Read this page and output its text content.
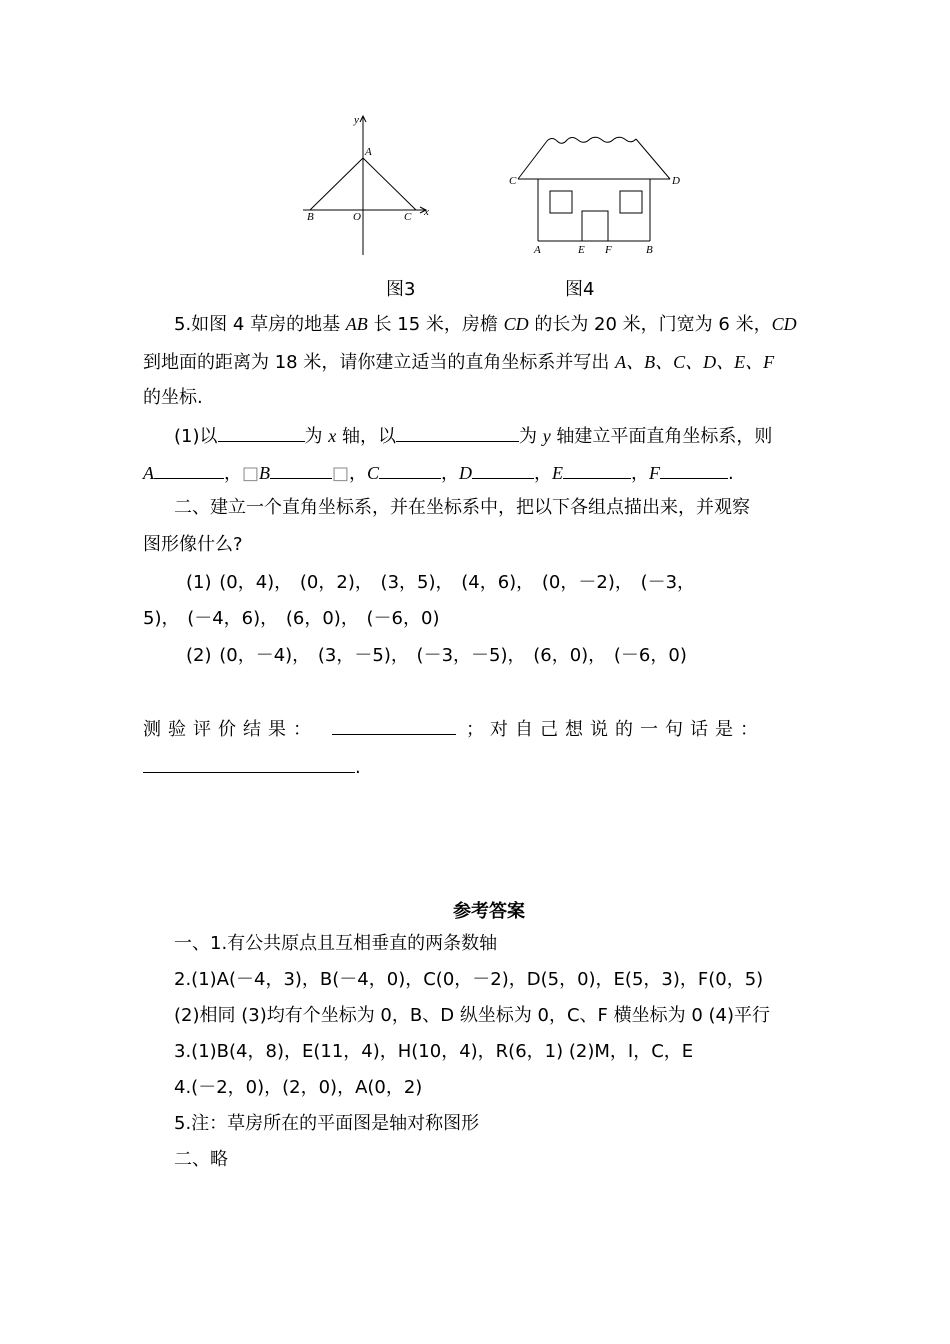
y
x
A
B	O	C
C	D
A	E F	B
图3	图4
5.如图 4 草房的地基 AB 长 15 米，房檐 CD 的长为 20 米，门宽为 6 米，CD
到地面的距离为 18 米，请你建立适当的直角坐标系并写出 A、B、C、D、E、F
的坐标.
(1)以	为 x 轴，以	为 y 轴建立平面直角坐标系，则
A	，□B	□，C	，D	，E	，F	.
二、建立一个直角坐标系，并在坐标系中，把以下各组点描出来，并观察
图形像什么?
(1) (0，4)， (0，2)， (3，5)， (4，6)， (0，－2)， (－3，
5)， (－4，6)， (6，0)， (－6，0)
(2) (0，－4)， (3，－5)， (－3，－5)， (6，0)， (－6，0)
测验评价结果：	； 对自己想说的一句话是：
.
参考答案
一、1.有公共原点且互相垂直的两条数轴
2.(1)A(－4，3)，B(－4，0)，C(0，－2)，D(5，0)，E(5，3)，F(0，5)
(2)相同 (3)均有个坐标为 0，B、D 纵坐标为 0，C、F 横坐标为 0 (4)平行
3.(1)B(4，8)，E(11，4)，H(10，4)，R(6，1) (2)M，I，C，E
4.(－2，0)，(2，0)，A(0，2)
5.注：草房所在的平面图是轴对称图形
二、略
